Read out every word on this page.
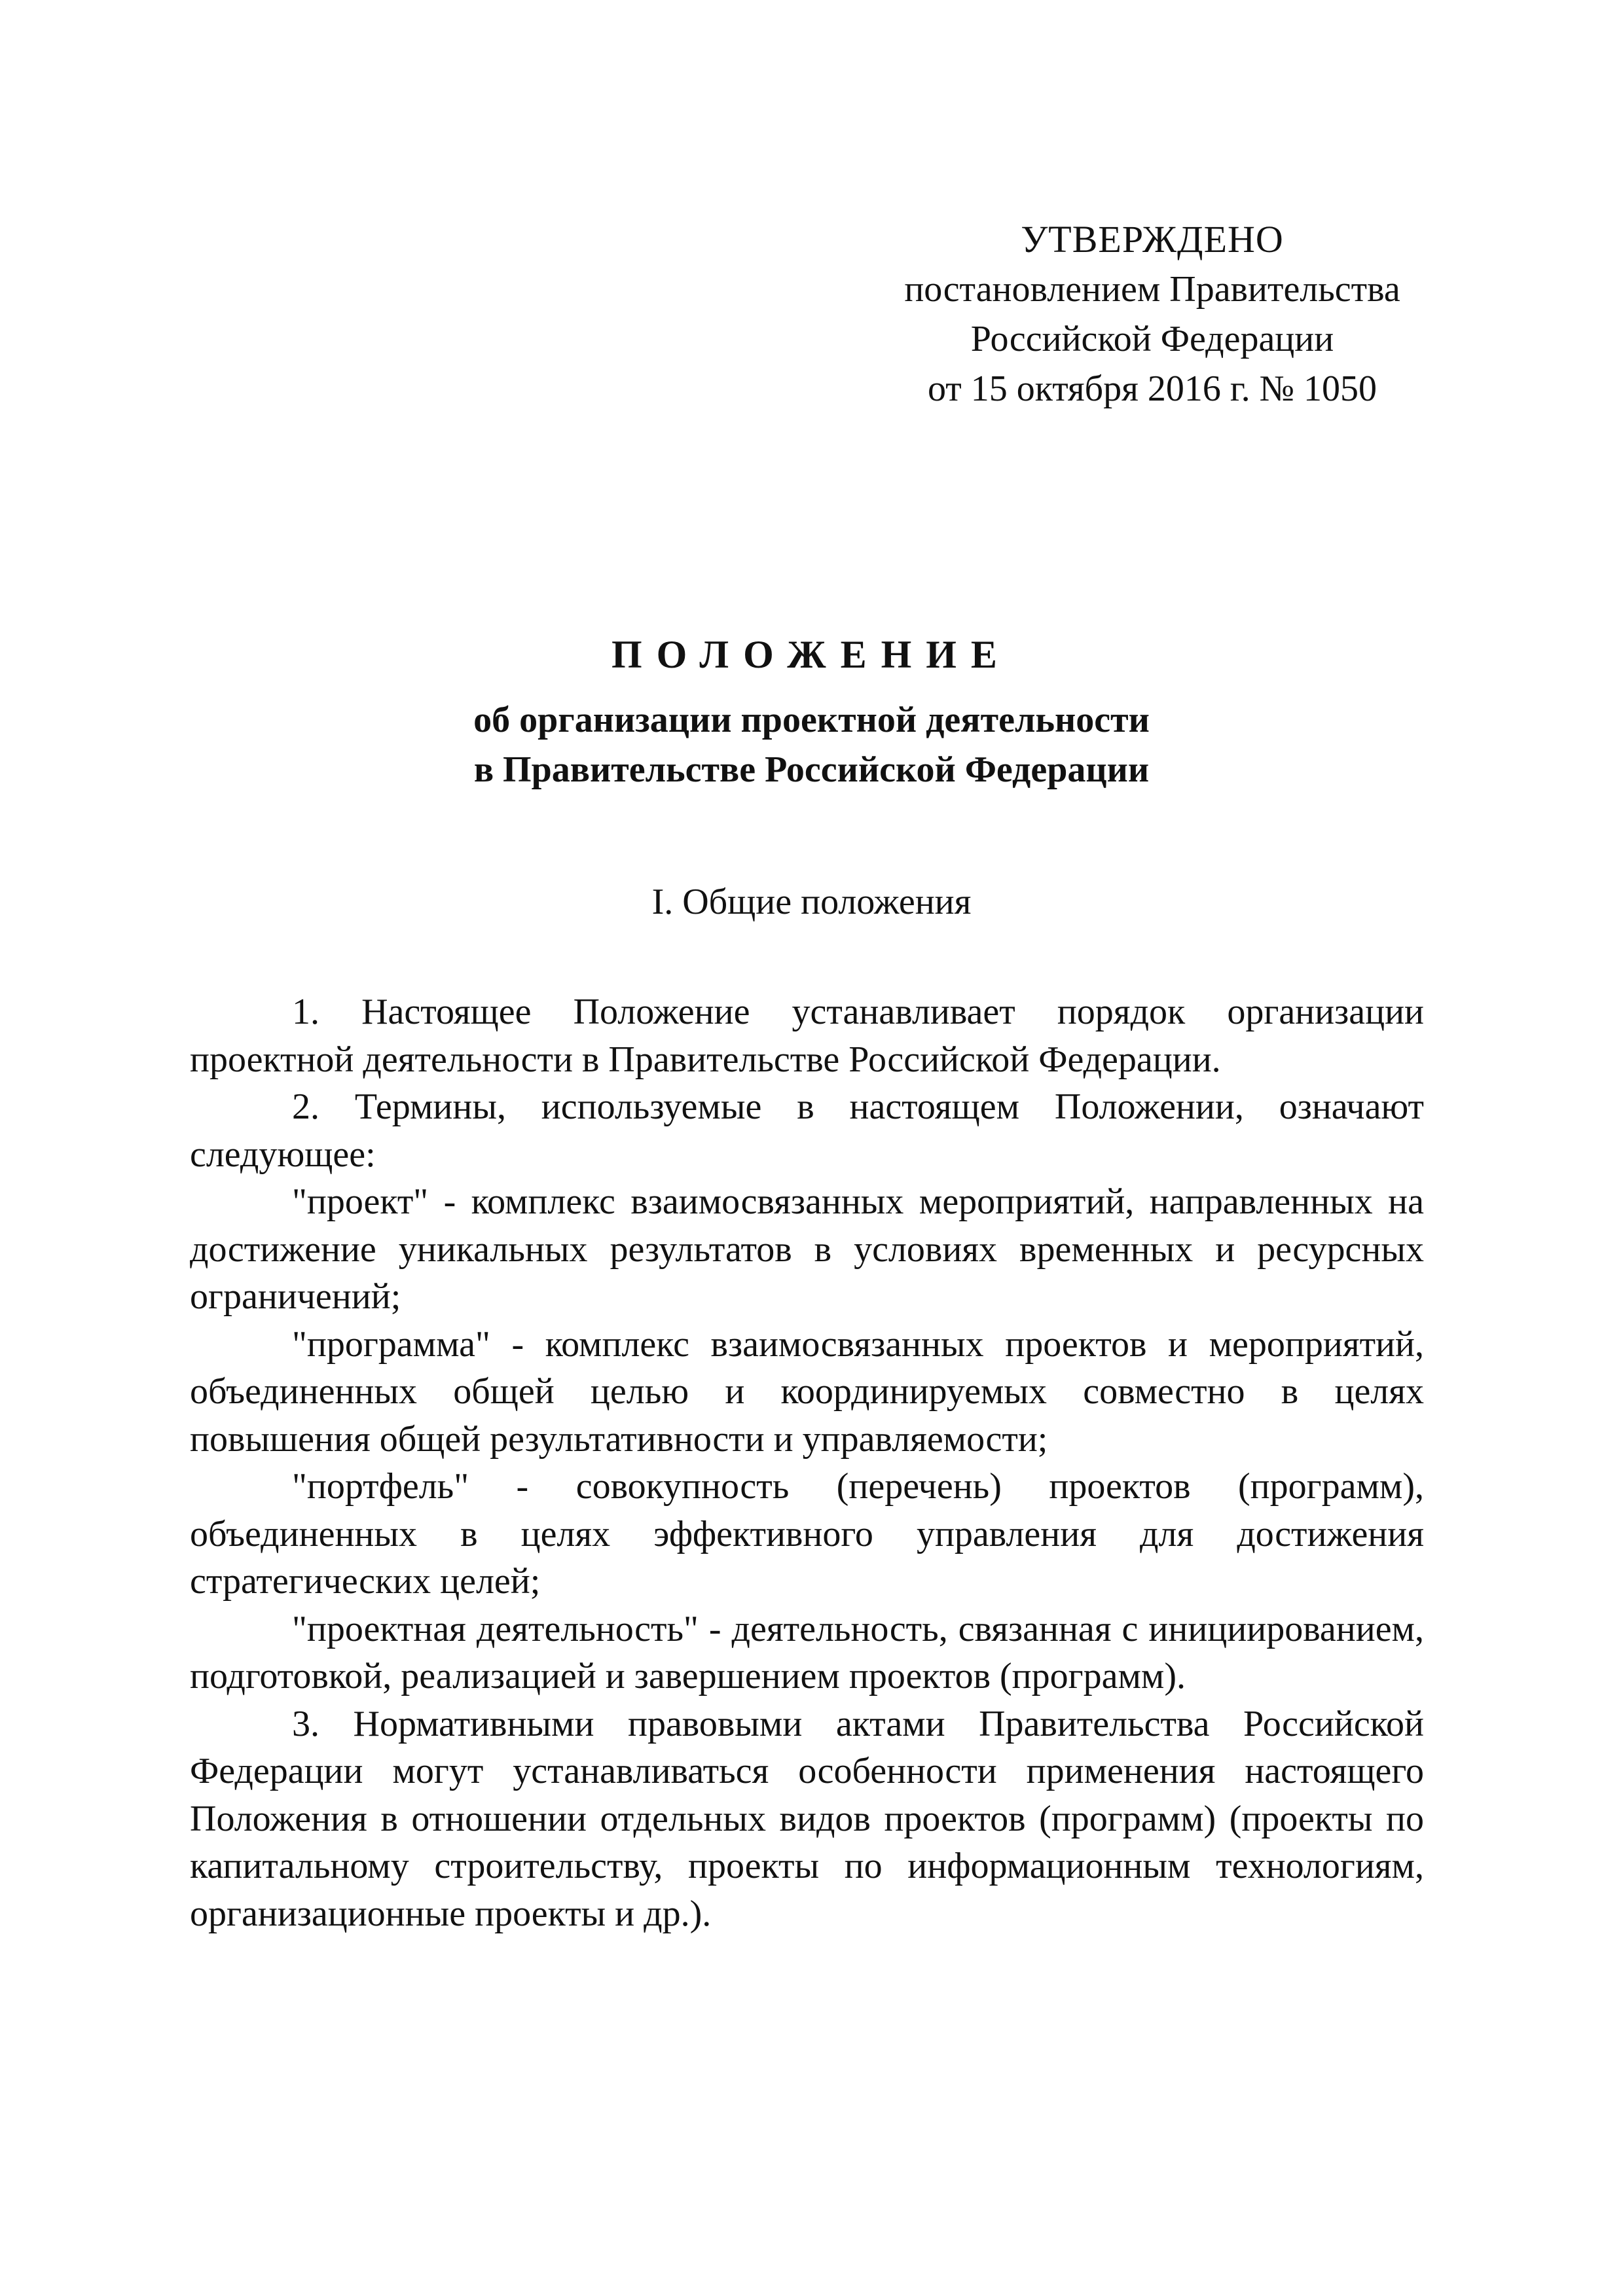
УТВЕРЖДЕНО
постановлением Правительства
Российской Федерации
от 15 октября 2016 г. № 1050
ПОЛОЖЕНИЕ
об организации проектной деятельности
в Правительстве Российской Федерации
I. Общие положения

1. Настоящее Положение устанавливает порядок организации проектной деятельности в Правительстве Российской Федерации.

2. Термины, используемые в настоящем Положении, означают следующее:

"проект" - комплекс взаимосвязанных мероприятий, направленных на достижение уникальных результатов в условиях временных и ресурсных ограничений;

"программа" - комплекс взаимосвязанных проектов и мероприятий, объединенных общей целью и координируемых совместно в целях повышения общей результативности и управляемости;

"портфель" - совокупность (перечень) проектов (программ), объединенных в целях эффективного управления для достижения стратегических целей;

"проектная деятельность" - деятельность, связанная с инициированием, подготовкой, реализацией и завершением проектов (программ).

3. Нормативными правовыми актами Правительства Российской Федерации могут устанавливаться особенности применения настоящего Положения в отношении отдельных видов проектов (программ) (проекты по капитальному строительству, проекты по информационным технологиям, организационные проекты и др.).
